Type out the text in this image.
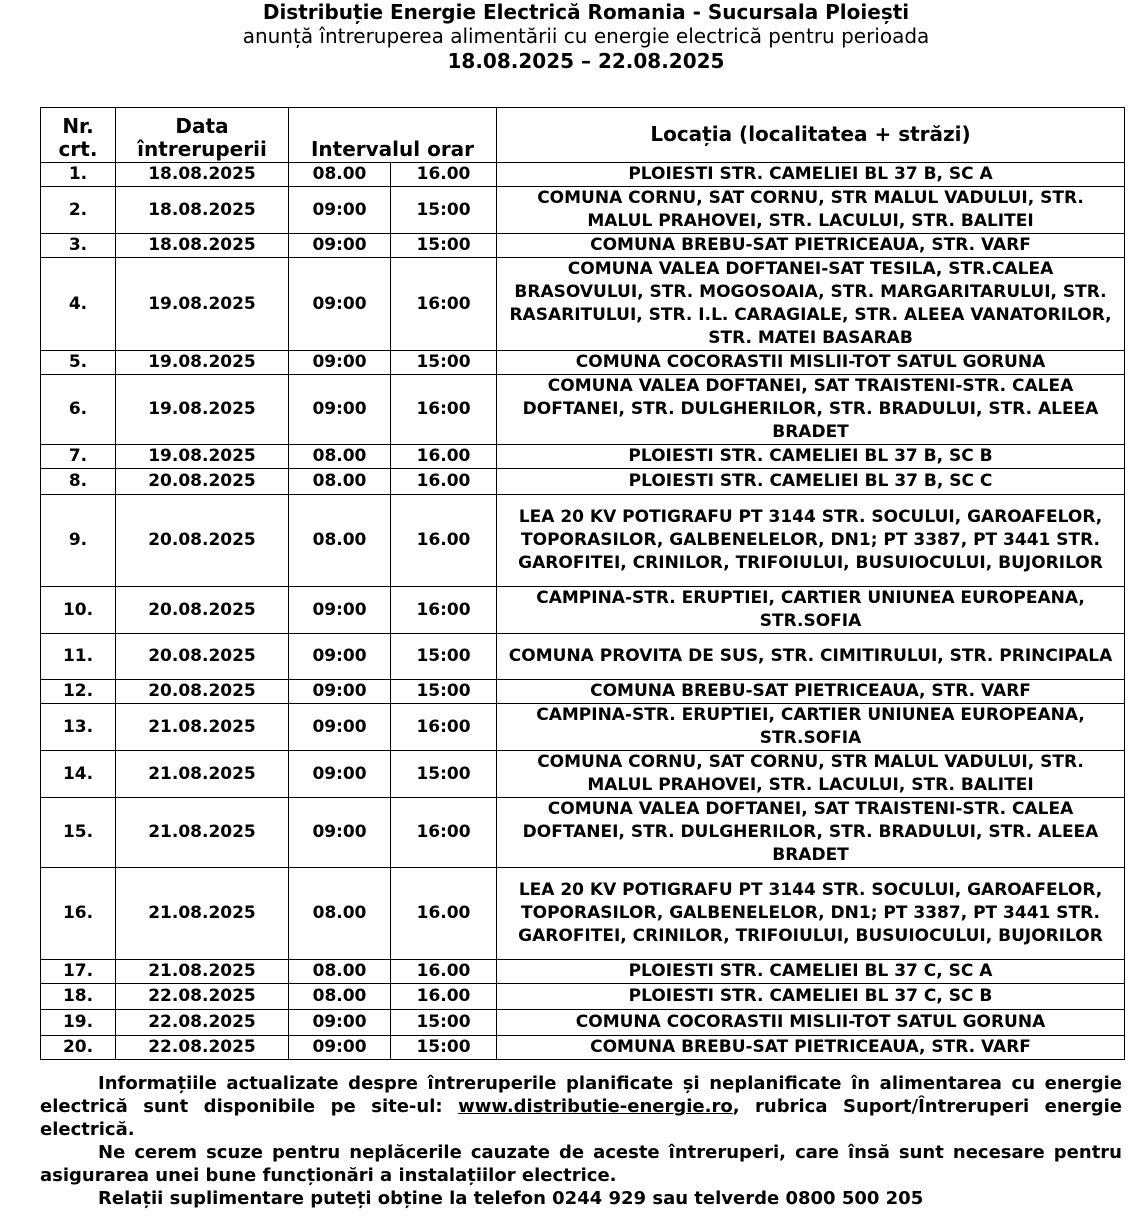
Distribuție Energie Electrică Romania - Sucursala Ploiești
anunță întreruperea alimentării cu energie electrică pentru perioada
18.08.2025 – 22.08.2025
Nr. crt.	Data întreruperii	Intervalul orar		Locația (localitatea + străzi)
1.	18.08.2025	08.00	16.00	PLOIESTI STR. CAMELIEI BL 37 B, SC A
2.	18.08.2025	09:00	15:00	COMUNA CORNU, SAT CORNU, STR MALUL VADULUI, STR. MALUL PRAHOVEI, STR. LACULUI, STR. BALITEI
3.	18.08.2025	09:00	15:00	COMUNA BREBU-SAT PIETRICEAUA, STR. VARF
4.	19.08.2025	09:00	16:00	COMUNA VALEA DOFTANEI-SAT TESILA, STR.CALEA BRASOVULUI, STR. MOGOSOAIA, STR. MARGARITARULUI, STR. RASARITULUI, STR. I.L. CARAGIALE, STR. ALEEA VANATORILOR, STR. MATEI BASARAB
5.	19.08.2025	09:00	15:00	COMUNA COCORASTII MISLII-TOT SATUL GORUNA
6.	19.08.2025	09:00	16:00	COMUNA VALEA DOFTANEI, SAT TRAISTENI-STR. CALEA DOFTANEI, STR. DULGHERILOR, STR. BRADULUI, STR. ALEEA BRADET
7.	19.08.2025	08.00	16.00	PLOIESTI STR. CAMELIEI BL 37 B, SC B
8.	20.08.2025	08.00	16.00	PLOIESTI STR. CAMELIEI BL 37 B, SC C
9.	20.08.2025	08.00	16.00	LEA 20 KV POTIGRAFU PT 3144 STR. SOCULUI, GAROAFELOR, TOPORASILOR, GALBENELELOR, DN1; PT 3387, PT 3441 STR. GAROFITEI, CRINILOR, TRIFOIULUI, BUSUIOCULUI, BUJORILOR
10.	20.08.2025	09:00	16:00	CAMPINA-STR. ERUPTIEI, CARTIER UNIUNEA EUROPEANA, STR.SOFIA
11.	20.08.2025	09:00	15:00	COMUNA PROVITA DE SUS, STR. CIMITIRULUI, STR. PRINCIPALA
12.	20.08.2025	09:00	15:00	COMUNA BREBU-SAT PIETRICEAUA, STR. VARF
13.	21.08.2025	09:00	16:00	CAMPINA-STR. ERUPTIEI, CARTIER UNIUNEA EUROPEANA, STR.SOFIA
14.	21.08.2025	09:00	15:00	COMUNA CORNU, SAT CORNU, STR MALUL VADULUI, STR. MALUL PRAHOVEI, STR. LACULUI, STR. BALITEI
15.	21.08.2025	09:00	16:00	COMUNA VALEA DOFTANEI, SAT TRAISTENI-STR. CALEA DOFTANEI, STR. DULGHERILOR, STR. BRADULUI, STR. ALEEA BRADET
16.	21.08.2025	08.00	16.00	LEA 20 KV POTIGRAFU PT 3144 STR. SOCULUI, GAROAFELOR, TOPORASILOR, GALBENELELOR, DN1; PT 3387, PT 3441 STR. GAROFITEI, CRINILOR, TRIFOIULUI, BUSUIOCULUI, BUJORILOR
17.	21.08.2025	08.00	16.00	PLOIESTI STR. CAMELIEI BL 37 C, SC A
18.	22.08.2025	08.00	16.00	PLOIESTI STR. CAMELIEI BL 37 C, SC B
19.	22.08.2025	09:00	15:00	COMUNA COCORASTII MISLII-TOT SATUL GORUNA
20.	22.08.2025	09:00	15:00	COMUNA BREBU-SAT PIETRICEAUA, STR. VARF

Informațiile actualizate despre întreruperile planificate și neplanificate în alimentarea cu energie electrică sunt disponibile pe site-ul: www.distributie-energie.ro, rubrica Suport/Întreruperi energie electrică.

Ne cerem scuze pentru neplăcerile cauzate de aceste întreruperi, care însă sunt necesare pentru asigurarea unei bune funcționări a instalațiilor electrice.

Relații suplimentare puteți obține la telefon 0244 929 sau telverde 0800 500 205
